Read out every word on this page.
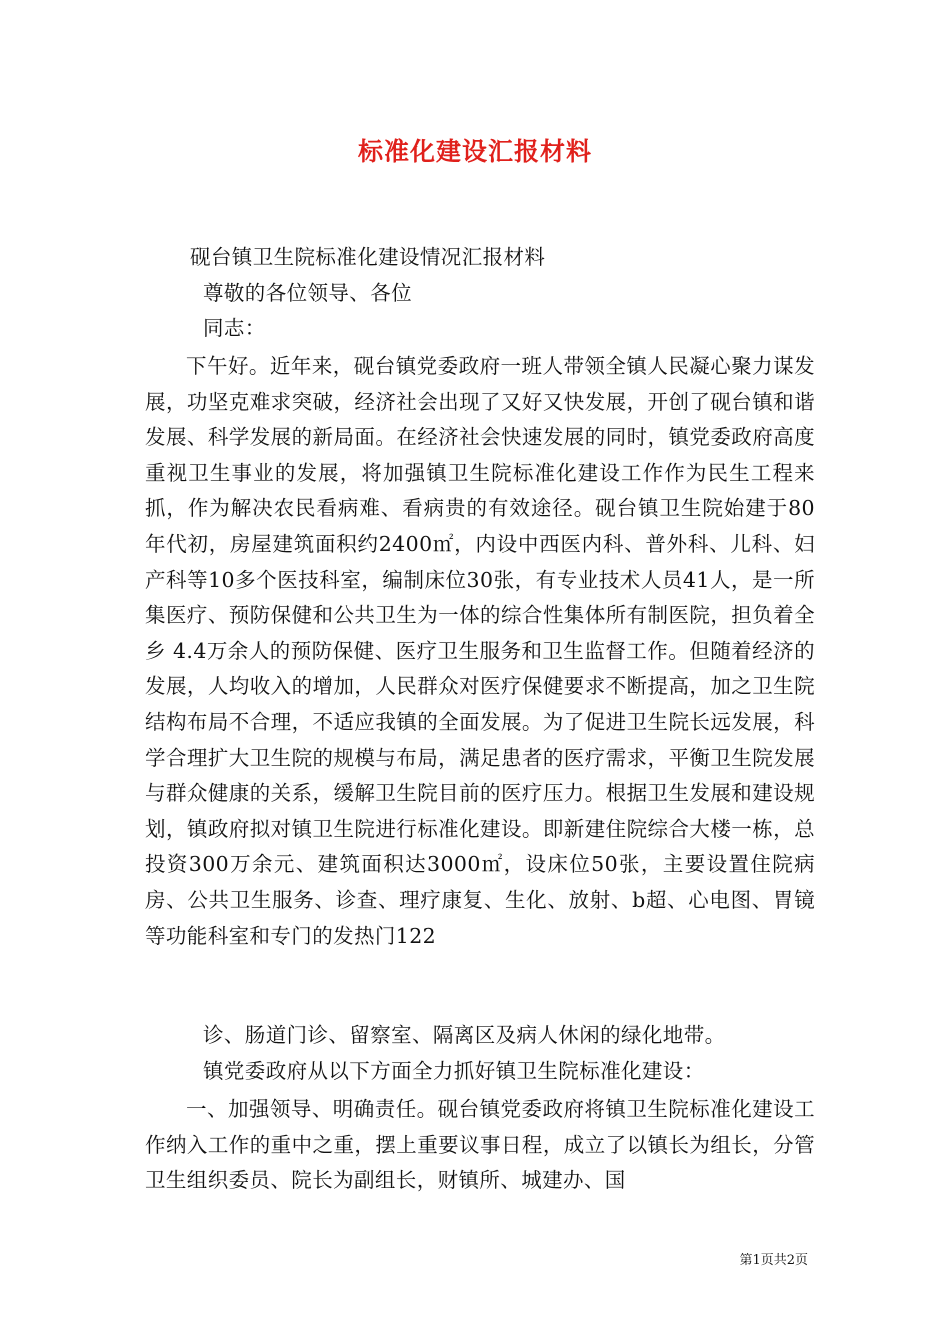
标准化建设汇报材料
砚台镇卫生院标准化建设情况汇报材料
尊敬的各位领导、各位
同志：

下午好。近年来，砚台镇党委政府一班人带领全镇人民凝心聚力谋发展，功坚克难求突破，经济社会出现了又好又快发展，开创了砚台镇和谐发展、科学发展的新局面。在经济社会快速发展的同时，镇党委政府高度重视卫生事业的发展，将加强镇卫生院标准化建设工作作为民生工程来抓，作为解决农民看病难、看病贵的有效途径。砚台镇卫生院始建于80年代初，房屋建筑面积约2400㎡，内设中西医内科、普外科、儿科、妇产科等10多个医技科室，编制床位30张，有专业技术人员41人，是一所集医疗、预防保健和公共卫生为一体的综合性集体所有制医院，担负着全乡 4.4万余人的预防保健、医疗卫生服务和卫生监督工作。但随着经济的发展，人均收入的增加，人民群众对医疗保健要求不断提高，加之卫生院结构布局不合理，不适应我镇的全面发展。为了促进卫生院长远发展，科学合理扩大卫生院的规模与布局，满足患者的医疗需求，平衡卫生院发展与群众健康的关系，缓解卫生院目前的医疗压力。根据卫生发展和建设规划，镇政府拟对镇卫生院进行标准化建设。即新建住院综合大楼一栋，总投资300万余元、建筑面积达3000㎡，设床位50张，主要设置住院病房、公共卫生服务、诊查、理疗康复、生化、放射、b超、心电图、胃镜等功能科室和专门的发热门122

诊、肠道门诊、留察室、隔离区及病人休闲的绿化地带。
镇党委政府从以下方面全力抓好镇卫生院标准化建设：

一、加强领导、明确责任。砚台镇党委政府将镇卫生院标准化建设工作纳入工作的重中之重，摆上重要议事日程，成立了以镇长为组长，分管卫生组织委员、院长为副组长，财镇所、城建办、国

第1页共2页
